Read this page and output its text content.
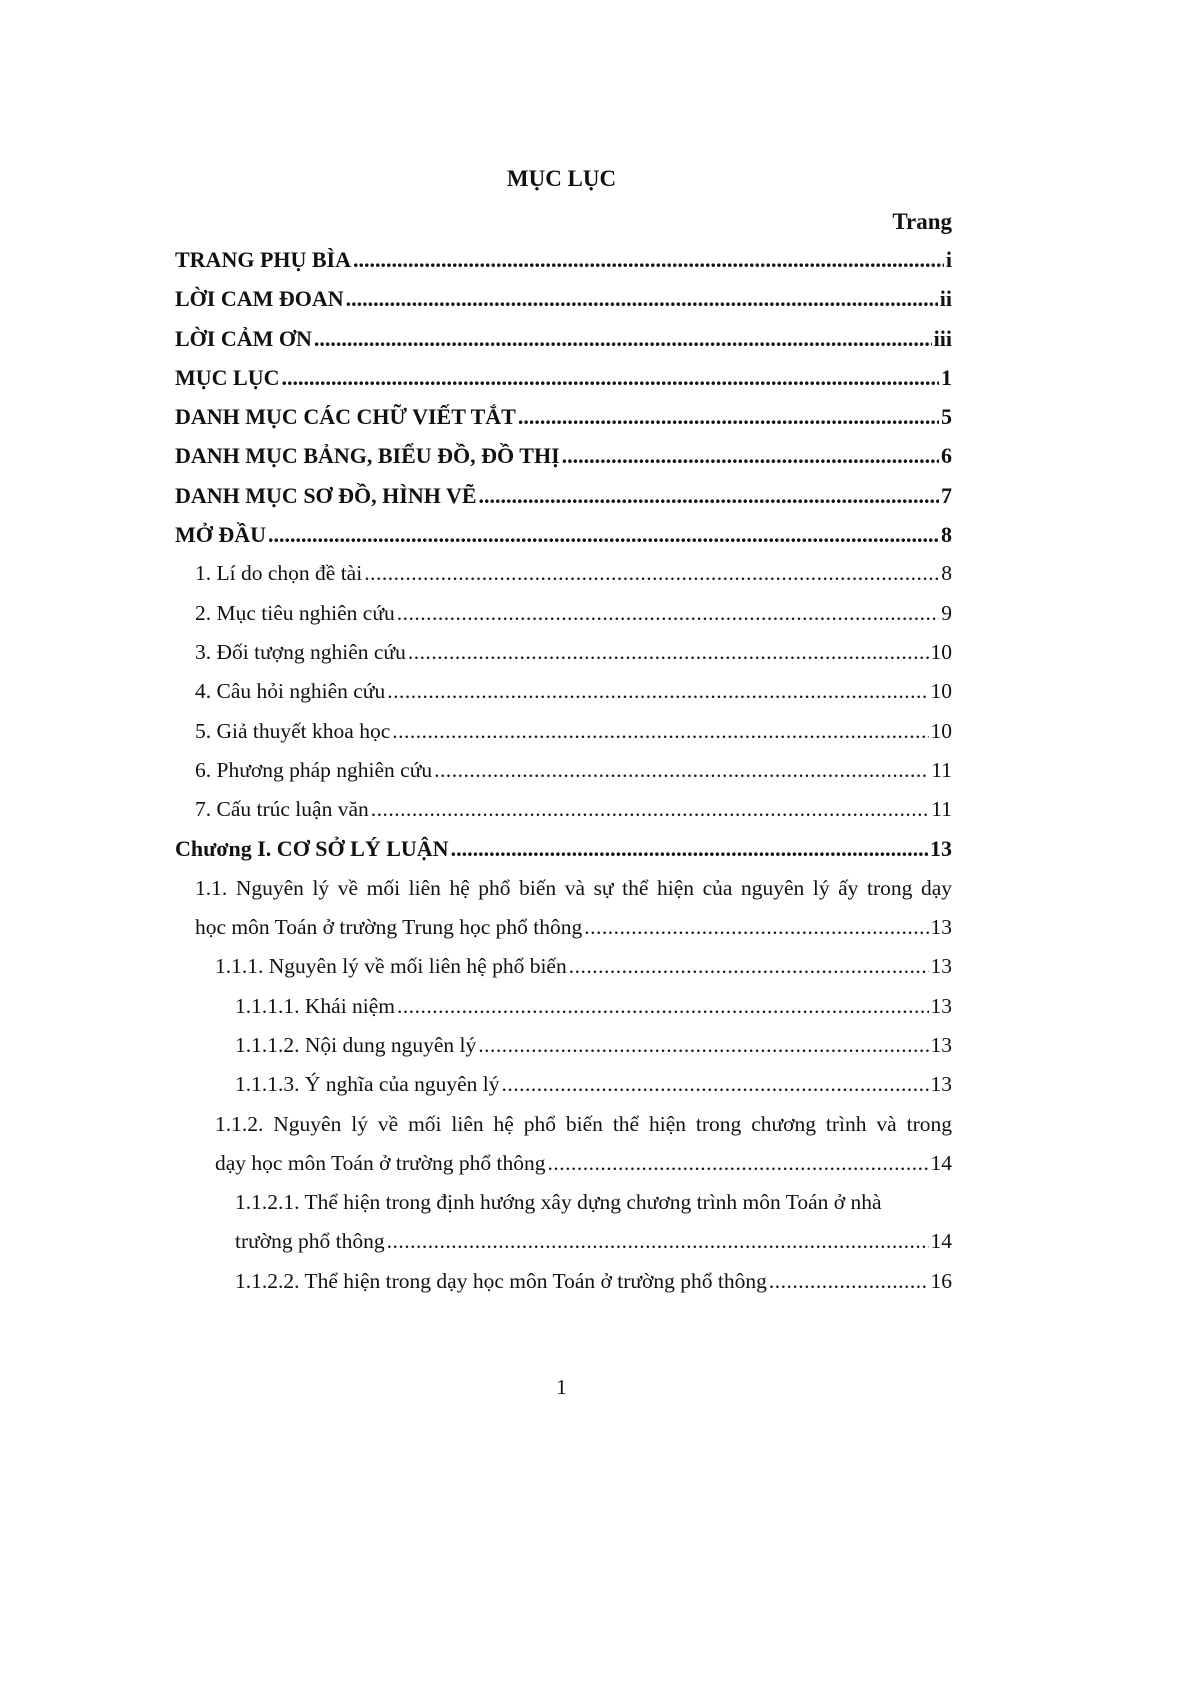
MỤC LỤC
Trang
TRANG PHỤ BÌA .....	i
LỜI CAM ĐOAN .....	ii
LỜI CẢM ƠN .....	iii
MỤC LỤC .....	1
DANH MỤC CÁC CHỮ VIẾT TẮT .....	5
DANH MỤC BẢNG, BIỂU ĐỒ, ĐỒ THỊ .....	6
DANH MỤC SƠ ĐỒ, HÌNH VẼ .....	7
MỞ ĐẦU .....	8
1. Lí do chọn đề tài .....	8
2. Mục tiêu nghiên cứu .....	9
3. Đối tượng nghiên cứu .....	10
4. Câu hỏi nghiên cứu .....	10
5. Giả thuyết khoa học .....	10
6. Phương pháp nghiên cứu .....	11
7. Cấu trúc luận văn .....	11
Chương I. CƠ SỞ LÝ LUẬN .....	13
1.1. Nguyên lý về mối liên hệ phổ biến và sự thể hiện của nguyên lý ấy trong dạy
học môn Toán ở trường Trung học phổ thông .....	13
1.1.1. Nguyên lý về mối liên hệ phổ biến .....	13
1.1.1.1. Khái niệm .....	13
1.1.1.2. Nội dung nguyên lý .....	13
1.1.1.3. Ý nghĩa của nguyên lý .....	13
1.1.2. Nguyên lý về mối liên hệ phổ biến thể hiện trong chương trình và trong
dạy học môn Toán ở trường phổ thông .....	14
1.1.2.1. Thể hiện trong định hướng xây dựng chương trình môn Toán ở nhà
trường phổ thông .....	14
1.1.2.2. Thể hiện trong dạy học môn Toán ở trường phổ thông .....	16
1
